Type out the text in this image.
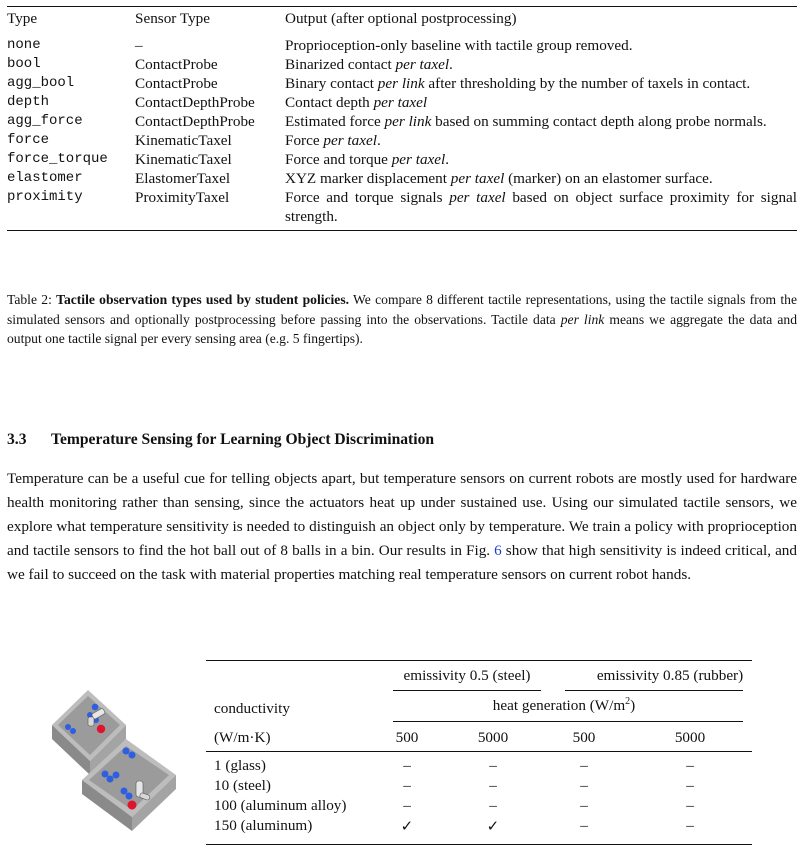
Type	Sensor Type	Output (after optional postprocessing)
none	–	Proprioception-only baseline with tactile group removed.
bool	ContactProbe	Binarized contact per taxel.
agg_bool	ContactProbe	Binary contact per link after thresholding by the number of taxels in contact.
depth	ContactDepthProbe	Contact depth per taxel
agg_force	ContactDepthProbe	Estimated force per link based on summing contact depth along probe normals.
force	KinematicTaxel	Force per taxel.
force_torque	KinematicTaxel	Force and torque per taxel.
elastomer	ElastomerTaxel	XYZ marker displacement per taxel (marker) on an elastomer surface.
proximity	ProximityTaxel	Force and torque signals per taxel based on object surface proximity for signal strength.
Table 2: Tactile observation types used by student policies. We compare 8 different tactile representations, using the tactile signals from the simulated sensors and optionally postprocessing before passing into the observations. Tactile data per link means we aggregate the data and output one tactile signal per every sensing area (e.g. 5 fingertips).
3.3 Temperature Sensing for Learning Object Discrimination
Temperature can be a useful cue for telling objects apart, but temperature sensors on current robots are mostly used for hardware health monitoring rather than sensing, since the actuators heat up under sustained use. Using our simulated tactile sensors, we explore what temperature sensitivity is needed to distinguish an object only by temperature. We train a policy with proprioception and tactile sensors to find the hot ball out of 8 balls in a bin. Our results in Fig. 6 show that high sensitivity is indeed critical, and we fail to succeed on the task with material properties matching real temperature sensors on current robot hands.
emissivity 0.5 (steel)	emissivity 0.85 (rubber)
conductivity	heat generation $(W/m^2)$
(W/m·K)	500	5000	500	5000
1 (glass)	–	–	–	–
10 (steel)	–	–	–	–
100 (aluminum alloy)	–	–	–	–
150 (aluminum)	✓	✓	–	–
